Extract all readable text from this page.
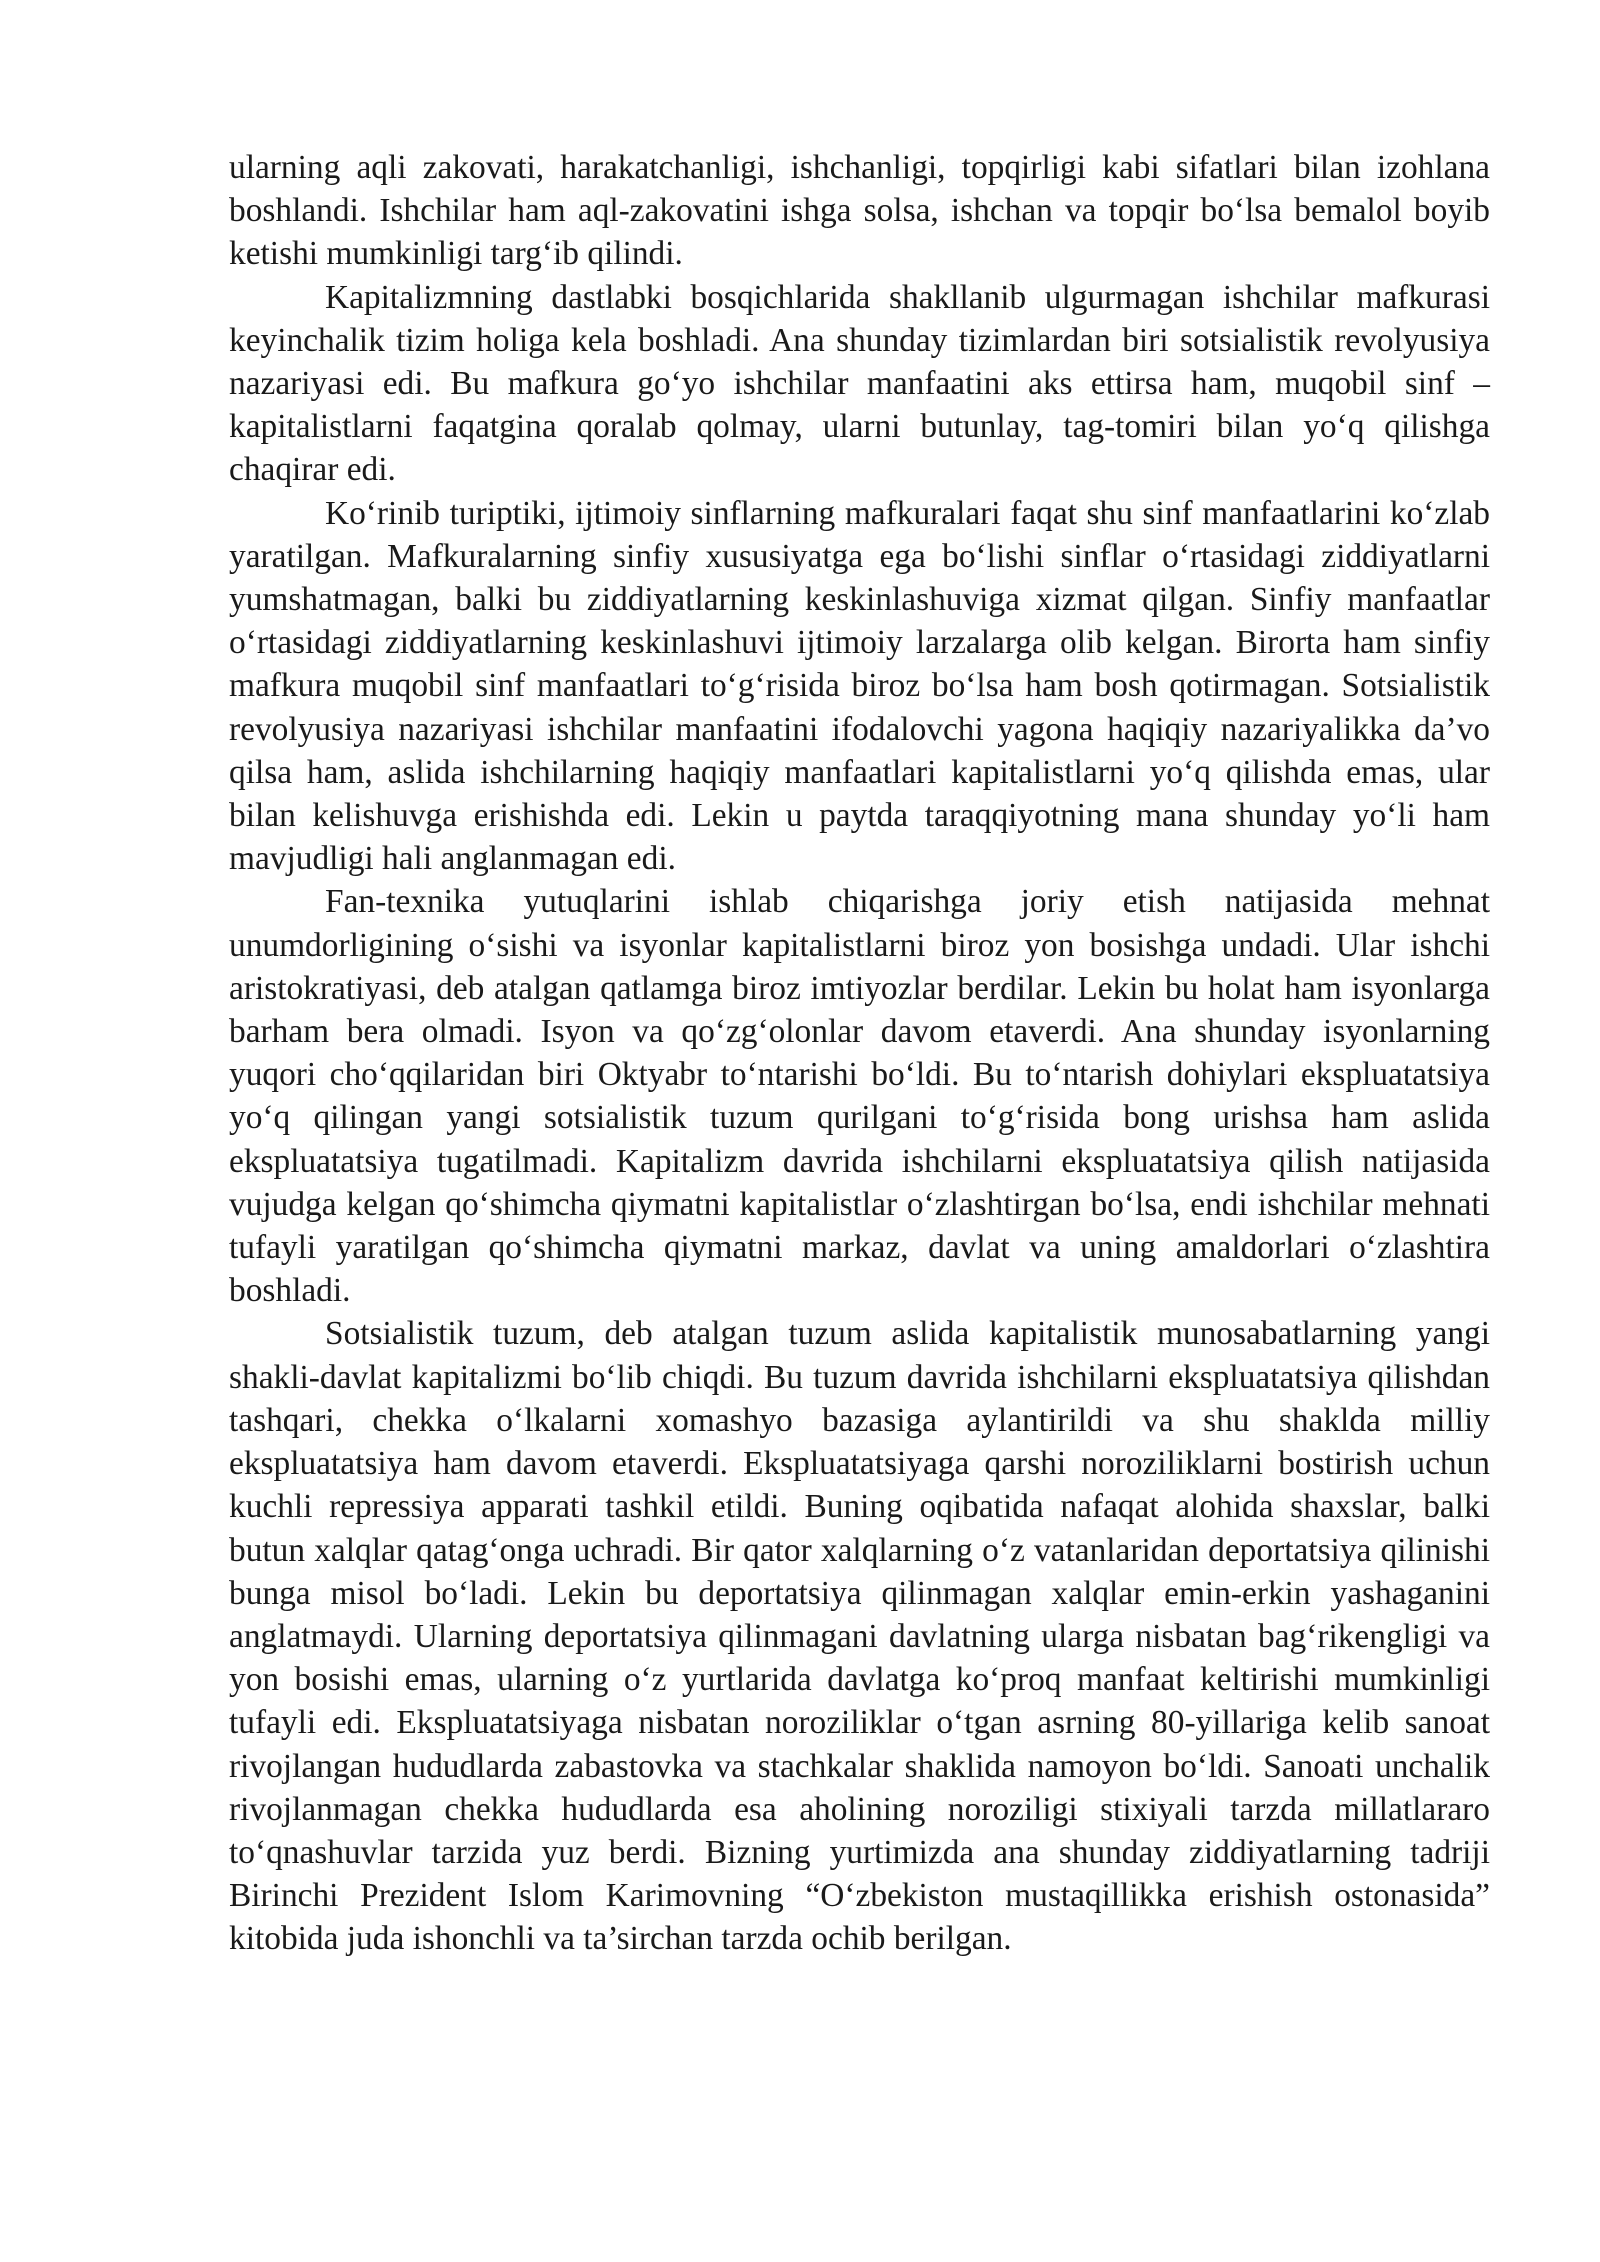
ularning aqli zakovati, harakatchanligi, ishchanligi, topqirligi kabi sifatlari bilan izohlana boshlandi. Ishchilar ham aql-zakovatini ishga solsa, ishchan va topqir bo‘lsa bemalol boyib ketishi mumkinligi targ‘ib qilindi.

Kapitalizmning dastlabki bosqichlarida shakllanib ulgurmagan ishchilar mafkurasi keyinchalik tizim holiga kela boshladi. Ana shunday tizimlardan biri sotsialistik revolyusiya nazariyasi edi. Bu mafkura go‘yo ishchilar manfaatini aks ettirsa ham, muqobil sinf –kapitalistlarni faqatgina qoralab qolmay, ularni butunlay, tag-tomiri bilan yo‘q qilishga chaqirar edi.

Ko‘rinib turiptiki, ijtimoiy sinflarning mafkuralari faqat shu sinf manfaatlarini ko‘zlab yaratilgan. Mafkuralarning sinfiy xususiyatga ega bo‘lishi sinflar o‘rtasidagi ziddiyatlarni yumshatmagan, balki bu ziddiyatlarning keskinlashuviga xizmat qilgan. Sinfiy manfaatlar o‘rtasidagi ziddiyatlarning keskinlashuvi ijtimoiy larzalarga olib kelgan. Birorta ham sinfiy mafkura muqobil sinf manfaatlari to‘g‘risida biroz bo‘lsa ham bosh qotirmagan. Sotsialistik revolyusiya nazariyasi ishchilar manfaatini ifodalovchi yagona haqiqiy nazariyalikka da’vo qilsa ham, aslida ishchilarning haqiqiy manfaatlari kapitalistlarni yo‘q qilishda emas, ular bilan kelishuvga erishishda edi. Lekin u paytda taraqqiyotning mana shunday yo‘li ham mavjudligi hali anglanmagan edi.

Fan-texnika yutuqlarini ishlab chiqarishga joriy etish natijasida mehnat unumdorligining o‘sishi va isyonlar kapitalistlarni biroz yon bosishga undadi. Ular ishchi aristokratiyasi, deb atalgan qatlamga biroz imtiyozlar berdilar. Lekin bu holat ham isyonlarga barham bera olmadi. Isyon va qo‘zg‘olonlar davom etaverdi. Ana shunday isyonlarning yuqori cho‘qqilaridan biri Oktyabr to‘ntarishi bo‘ldi. Bu to‘ntarish dohiylari ekspluatatsiya yo‘q qilingan yangi sotsialistik tuzum qurilgani to‘g‘risida bong urishsa ham aslida ekspluatatsiya tugatilmadi. Kapitalizm davrida ishchilarni ekspluatatsiya qilish natijasida vujudga kelgan qo‘shimcha qiymatni kapitalistlar o‘zlashtirgan bo‘lsa, endi ishchilar mehnati tufayli yaratilgan qo‘shimcha qiymatni markaz, davlat va uning amaldorlari o‘zlashtira boshladi.

Sotsialistik tuzum, deb atalgan tuzum aslida kapitalistik munosabatlarning yangi shakli-davlat kapitalizmi bo‘lib chiqdi. Bu tuzum davrida ishchilarni ekspluatatsiya qilishdan tashqari, chekka o‘lkalarni xomashyo bazasiga aylantirildi va shu shaklda milliy ekspluatatsiya ham davom etaverdi. Ekspluatatsiyaga qarshi noroziliklarni bostirish uchun kuchli repressiya apparati tashkil etildi. Buning oqibatida nafaqat alohida shaxslar, balki butun xalqlar qatag‘onga uchradi. Bir qator xalqlarning o‘z vatanlaridan deportatsiya qilinishi bunga misol bo‘ladi. Lekin bu deportatsiya qilinmagan xalqlar emin-erkin yashaganini anglatmaydi. Ularning deportatsiya qilinmagani davlatning ularga nisbatan bag‘rikengligi va yon bosishi emas, ularning o‘z yurtlarida davlatga ko‘proq manfaat keltirishi mumkinligi tufayli edi. Ekspluatatsiyaga nisbatan noroziliklar o‘tgan asrning 80-yillariga kelib sanoat rivojlangan hududlarda zabastovka va stachkalar shaklida namoyon bo‘ldi. Sanoati unchalik rivojlanmagan chekka hududlarda esa aholining noroziligi stixiyali tarzda millatlararo to‘qnashuvlar tarzida yuz berdi. Bizning yurtimizda ana shunday ziddiyatlarning tadriji Birinchi Prezident Islom Karimovning “O‘zbekiston mustaqillikka erishish ostonasida” kitobida juda ishonchli va ta’sirchan tarzda ochib berilgan.
